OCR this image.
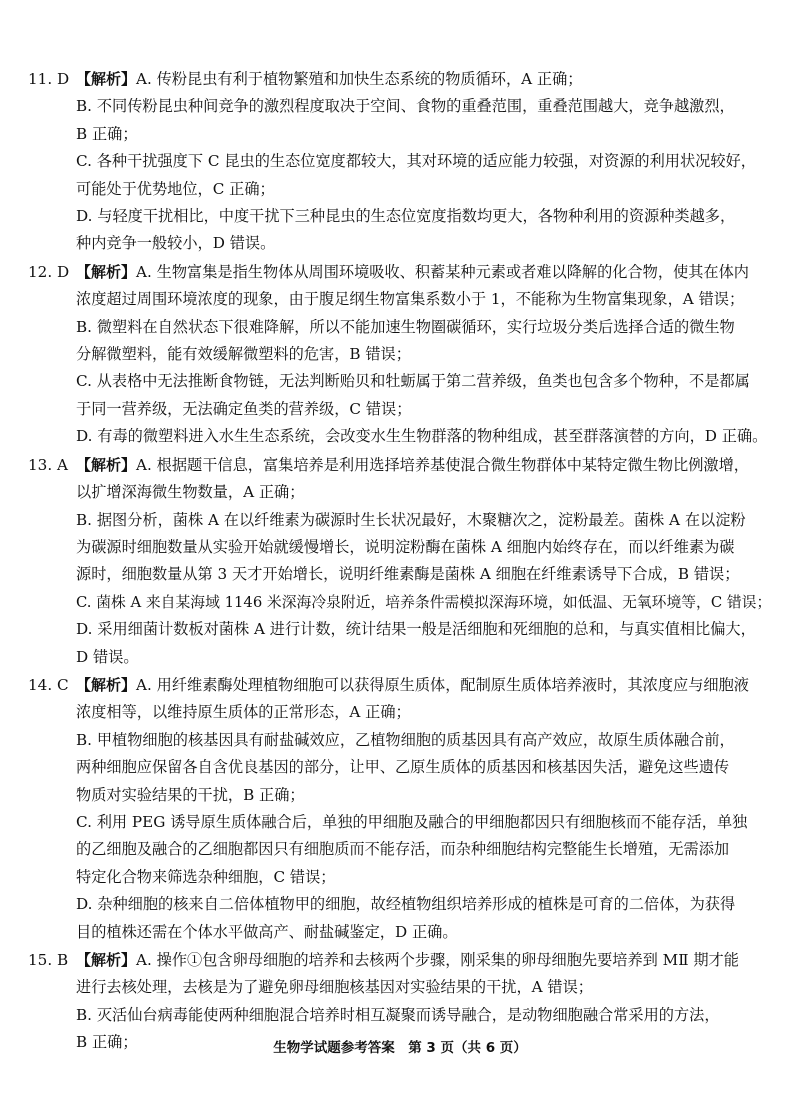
11. D 【解析】A. 传粉昆虫有利于植物繁殖和加快生态系统的物质循环，A 正确；
B. 不同传粉昆虫种间竞争的激烈程度取决于空间、食物的重叠范围，重叠范围越大，竞争越激烈，
B 正确；
C. 各种干扰强度下 C 昆虫的生态位宽度都较大，其对环境的适应能力较强，对资源的利用状况较好，
可能处于优势地位，C 正确；
D. 与轻度干扰相比，中度干扰下三种昆虫的生态位宽度指数均更大，各物种利用的资源种类越多，
种内竞争一般较小，D 错误。
12. D 【解析】A. 生物富集是指生物体从周围环境吸收、积蓄某种元素或者难以降解的化合物，使其在体内
浓度超过周围环境浓度的现象，由于腹足纲生物富集系数小于 1，不能称为生物富集现象，A 错误；
B. 微塑料在自然状态下很难降解，所以不能加速生物圈碳循环，实行垃圾分类后选择合适的微生物
分解微塑料，能有效缓解微塑料的危害，B 错误；
C. 从表格中无法推断食物链，无法判断贻贝和牡蛎属于第二营养级，鱼类也包含多个物种，不是都属
于同一营养级，无法确定鱼类的营养级，C 错误；
D. 有毒的微塑料进入水生生态系统，会改变水生生物群落的物种组成，甚至群落演替的方向，D 正确。
13. A 【解析】A. 根据题干信息，富集培养是利用选择培养基使混合微生物群体中某特定微生物比例激增，
以扩增深海微生物数量，A 正确；
B. 据图分析，菌株 A 在以纤维素为碳源时生长状况最好，木聚糖次之，淀粉最差。菌株 A 在以淀粉
为碳源时细胞数量从实验开始就缓慢增长，说明淀粉酶在菌株 A 细胞内始终存在，而以纤维素为碳
源时，细胞数量从第 3 天才开始增长，说明纤维素酶是菌株 A 细胞在纤维素诱导下合成，B 错误；
C. 菌株 A 来自某海域 1146 米深海冷泉附近，培养条件需模拟深海环境，如低温、无氧环境等，C 错误；
D. 采用细菌计数板对菌株 A 进行计数，统计结果一般是活细胞和死细胞的总和，与真实值相比偏大，
D 错误。
14. C 【解析】A. 用纤维素酶处理植物细胞可以获得原生质体，配制原生质体培养液时，其浓度应与细胞液
浓度相等，以维持原生质体的正常形态，A 正确；
B. 甲植物细胞的核基因具有耐盐碱效应，乙植物细胞的质基因具有高产效应，故原生质体融合前，
两种细胞应保留各自含优良基因的部分，让甲、乙原生质体的质基因和核基因失活，避免这些遗传
物质对实验结果的干扰，B 正确；
C. 利用 PEG 诱导原生质体融合后，单独的甲细胞及融合的甲细胞都因只有细胞核而不能存活，单独
的乙细胞及融合的乙细胞都因只有细胞质而不能存活，而杂种细胞结构完整能生长增殖，无需添加
特定化合物来筛选杂种细胞，C 错误；
D. 杂种细胞的核来自二倍体植物甲的细胞，故经植物组织培养形成的植株是可育的二倍体，为获得
目的植株还需在个体水平做高产、耐盐碱鉴定，D 正确。
15. B 【解析】A. 操作①包含卵母细胞的培养和去核两个步骤，刚采集的卵母细胞先要培养到 MⅡ 期才能
进行去核处理，去核是为了避免卵母细胞核基因对实验结果的干扰，A 错误；
B. 灭活仙台病毒能使两种细胞混合培养时相互凝聚而诱导融合，是动物细胞融合常采用的方法，
B 正确；	生物学试题参考答案　第 3 页（共 6 页）
